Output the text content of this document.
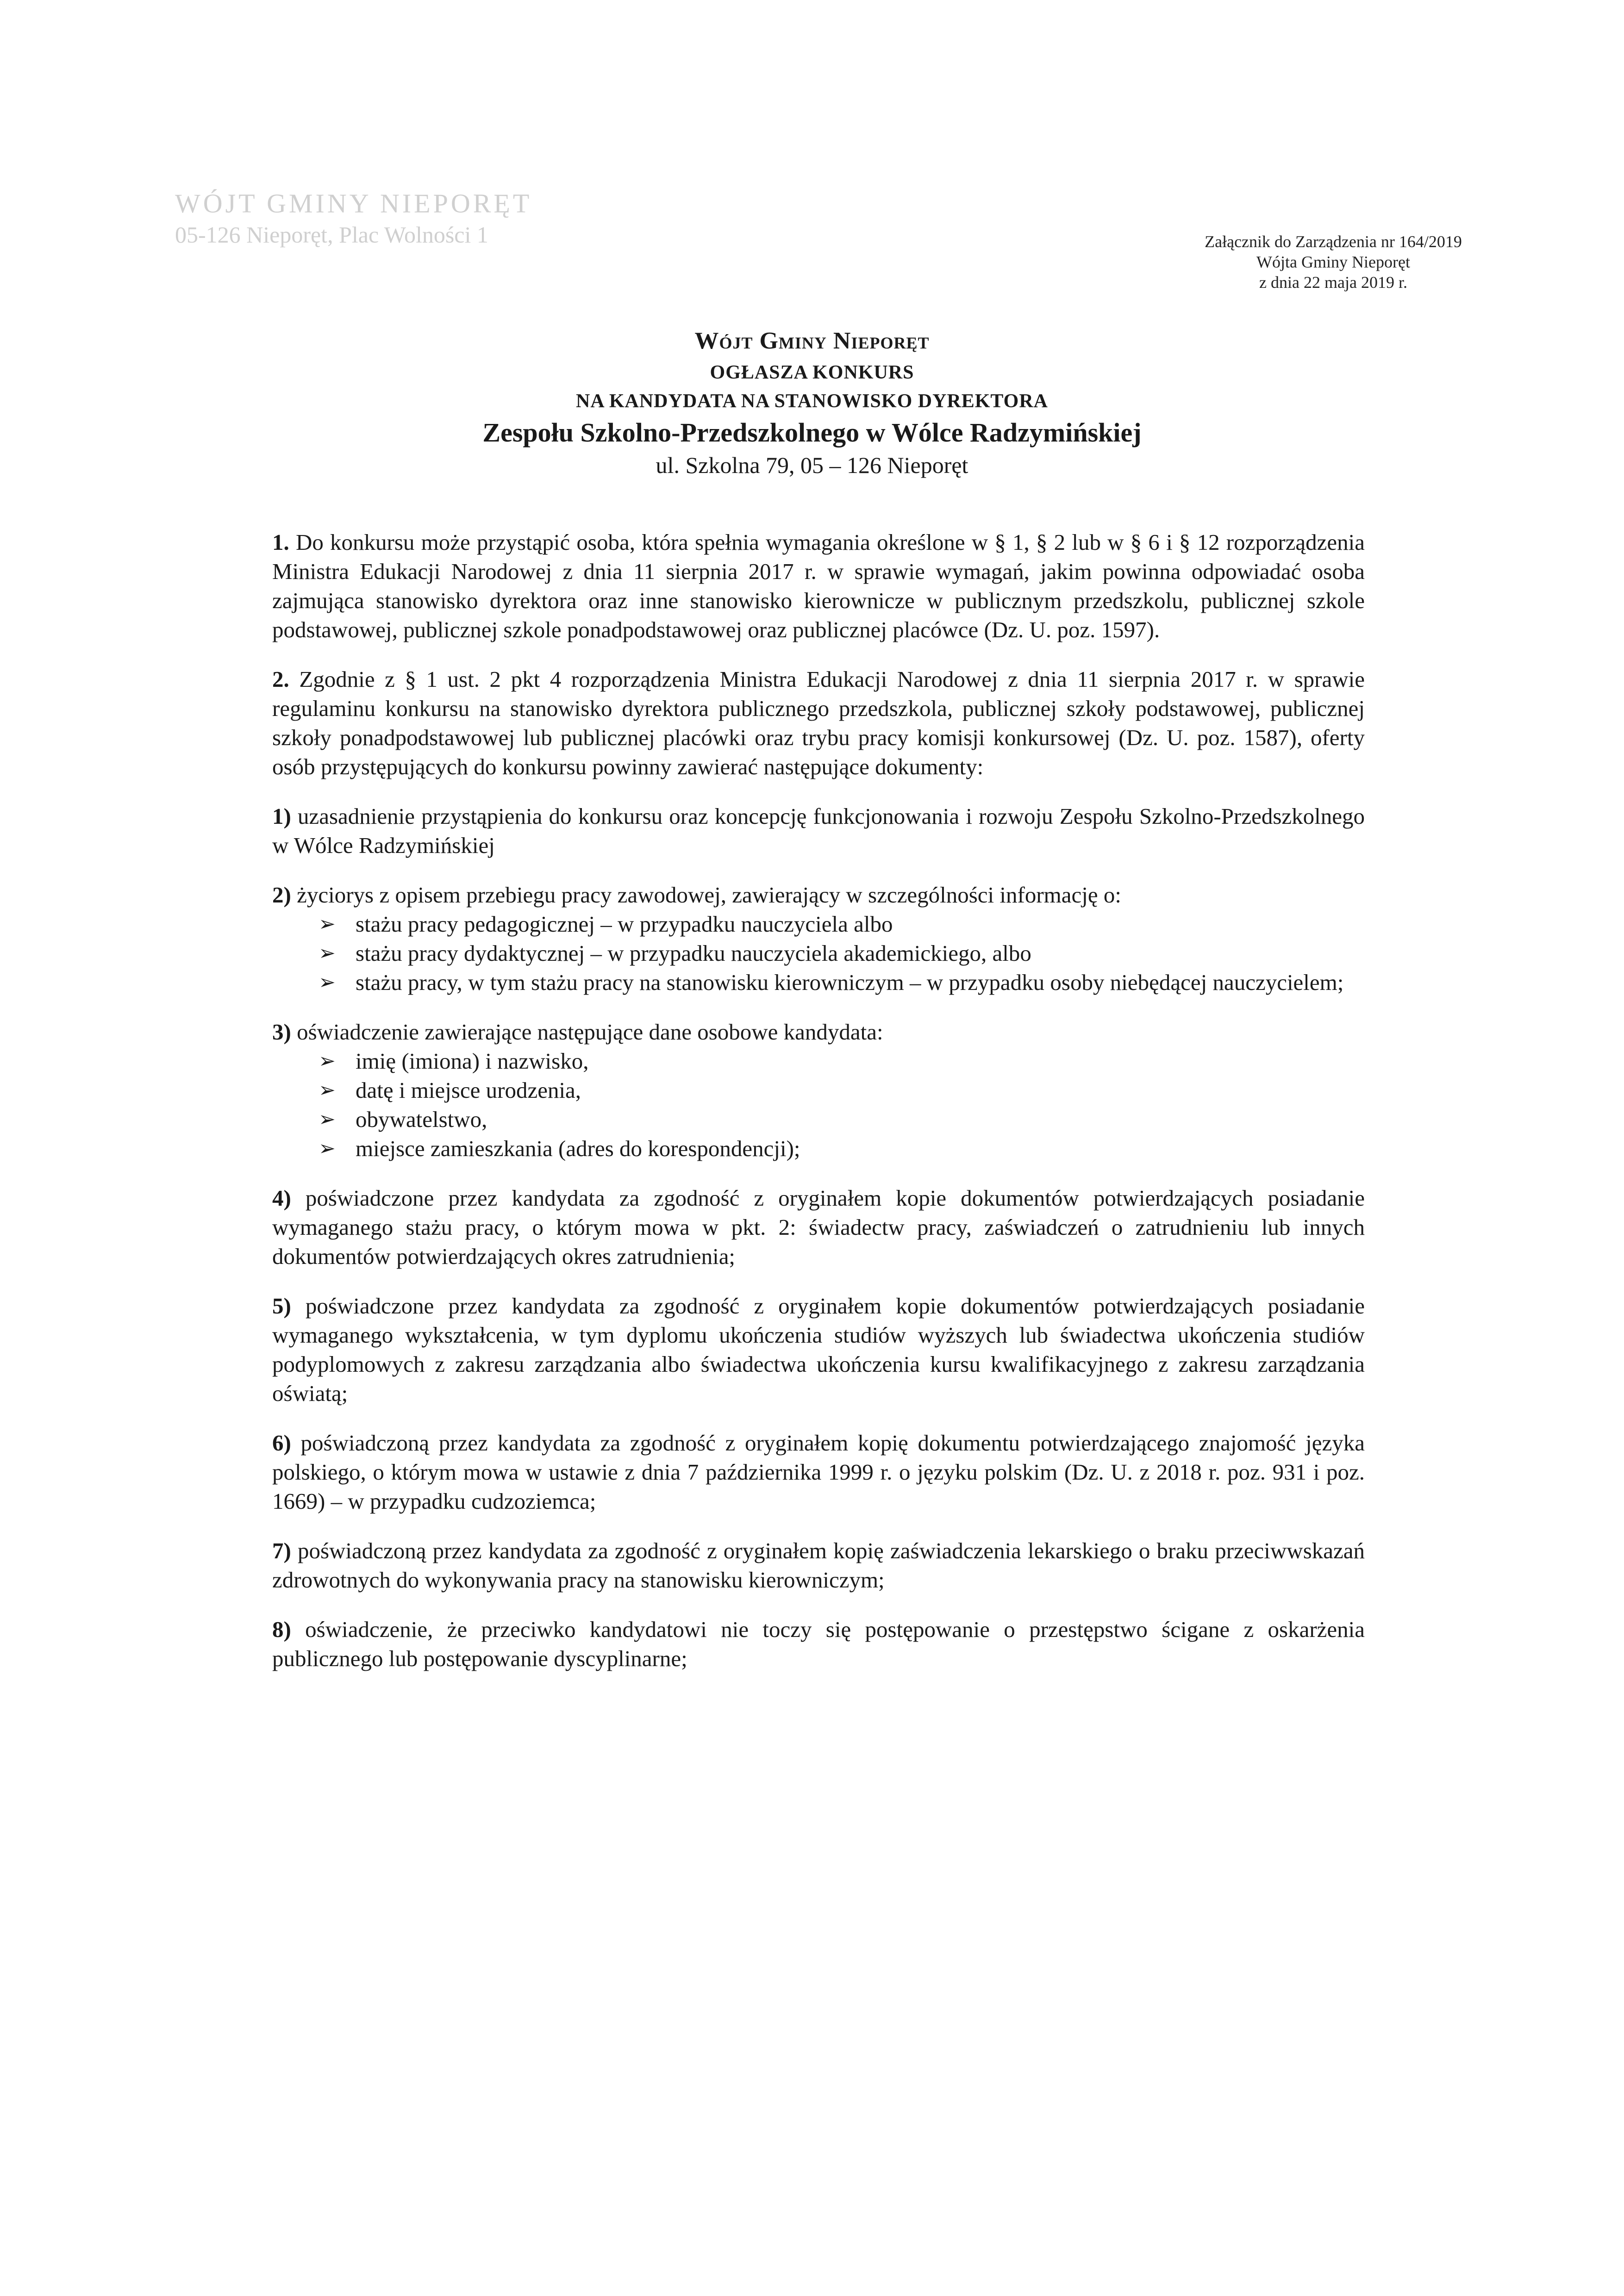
WÓJT GMINY NIEPORĘT
05-126 Nieporęt, Plac Wolności 1	Załącznik do Zarządzenia nr 164/2019
Wójta Gminy Nieporęt
z dnia 22 maja 2019 r.
Wójt Gminy Nieporęt
OGŁASZA KONKURS
NA KANDYDATA NA STANOWISKO DYREKTORA
Zespołu Szkolno-Przedszkolnego w Wólce Radzymińskiej
ul. Szkolna 79, 05 – 126 Nieporęt

1. Do konkursu może przystąpić osoba, która spełnia wymagania określone w § 1, § 2 lub w § 6 i § 12 rozporządzenia Ministra Edukacji Narodowej z dnia 11 sierpnia 2017 r. w sprawie wymagań, jakim powinna odpowiadać osoba zajmująca stanowisko dyrektora oraz inne stanowisko kierownicze w publicznym przedszkolu, publicznej szkole podstawowej, publicznej szkole ponadpodstawowej oraz publicznej placówce (Dz. U. poz. 1597).

2. Zgodnie z § 1 ust. 2 pkt 4 rozporządzenia Ministra Edukacji Narodowej z dnia 11 sierpnia 2017 r. w sprawie regulaminu konkursu na stanowisko dyrektora publicznego przedszkola, publicznej szkoły podstawowej, publicznej szkoły ponadpodstawowej lub publicznej placówki oraz trybu pracy komisji konkursowej (Dz. U. poz. 1587), oferty osób przystępujących do konkursu powinny zawierać następujące dokumenty:

1) uzasadnienie przystąpienia do konkursu oraz koncepcję funkcjonowania i rozwoju Zespołu Szkolno-Przedszkolnego w Wólce Radzymińskiej
2) życiorys z opisem przebiegu pracy zawodowej, zawierający w szczególności informację o:
➢ stażu pracy pedagogicznej – w przypadku nauczyciela albo
➢ stażu pracy dydaktycznej – w przypadku nauczyciela akademickiego, albo
➢ stażu pracy, w tym stażu pracy na stanowisku kierowniczym – w przypadku osoby niebędącej nauczycielem;
3) oświadczenie zawierające następujące dane osobowe kandydata:
➢ imię (imiona) i nazwisko,
➢ datę i miejsce urodzenia,
➢ obywatelstwo,
➢ miejsce zamieszkania (adres do korespondencji);
4) poświadczone przez kandydata za zgodność z oryginałem kopie dokumentów potwierdzających posiadanie wymaganego stażu pracy, o którym mowa w pkt. 2: świadectw pracy, zaświadczeń o zatrudnieniu lub innych dokumentów potwierdzających okres zatrudnienia;
5) poświadczone przez kandydata za zgodność z oryginałem kopie dokumentów potwierdzających posiadanie wymaganego wykształcenia, w tym dyplomu ukończenia studiów wyższych lub świadectwa ukończenia studiów podyplomowych z zakresu zarządzania albo świadectwa ukończenia kursu kwalifikacyjnego z zakresu zarządzania oświatą;
6) poświadczoną przez kandydata za zgodność z oryginałem kopię dokumentu potwierdzającego znajomość języka polskiego, o którym mowa w ustawie z dnia 7 października 1999 r. o języku polskim (Dz. U. z 2018 r. poz. 931 i poz. 1669) – w przypadku cudzoziemca;
7) poświadczoną przez kandydata za zgodność z oryginałem kopię zaświadczenia lekarskiego o braku przeciwwskazań zdrowotnych do wykonywania pracy na stanowisku kierowniczym;
8) oświadczenie, że przeciwko kandydatowi nie toczy się postępowanie o przestępstwo ścigane z oskarżenia publicznego lub postępowanie dyscyplinarne;
